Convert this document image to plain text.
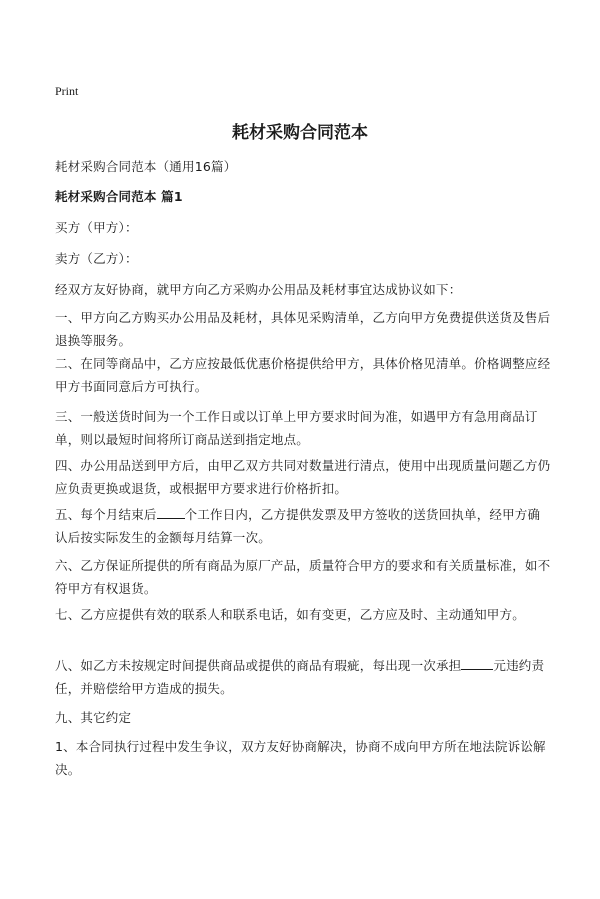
Print
耗材采购合同范本
耗材采购合同范本（通用16篇）
耗材采购合同范本 篇1
买方（甲方）：
卖方（乙方）：
经双方友好协商，就甲方向乙方采购办公用品及耗材事宜达成协议如下：
一、甲方向乙方购买办公用品及耗材，具体见采购清单，乙方向甲方免费提供送货及售后退换等服务。
二、在同等商品中，乙方应按最低优惠价格提供给甲方，具体价格见清单。价格调整应经甲方书面同意后方可执行。
三、一般送货时间为一个工作日或以订单上甲方要求时间为准，如遇甲方有急用商品订单，则以最短时间将所订商品送到指定地点。
四、办公用品送到甲方后，由甲乙双方共同对数量进行清点，使用中出现质量问题乙方仍应负责更换或退货，或根据甲方要求进行价格折扣。
五、每个月结束后 个工作日内，乙方提供发票及甲方签收的送货回执单，经甲方确认后按实际发生的金额每月结算一次。
六、乙方保证所提供的所有商品为原厂产品，质量符合甲方的要求和有关质量标准，如不符甲方有权退货。
七、乙方应提供有效的联系人和联系电话，如有变更，乙方应及时、主动通知甲方。
八、如乙方未按规定时间提供商品或提供的商品有瑕疵，每出现一次承担	元违约责任，并赔偿给甲方造成的损失。
九、其它约定
1、本合同执行过程中发生争议，双方友好协商解决，协商不成向甲方所在地法院诉讼解决。
